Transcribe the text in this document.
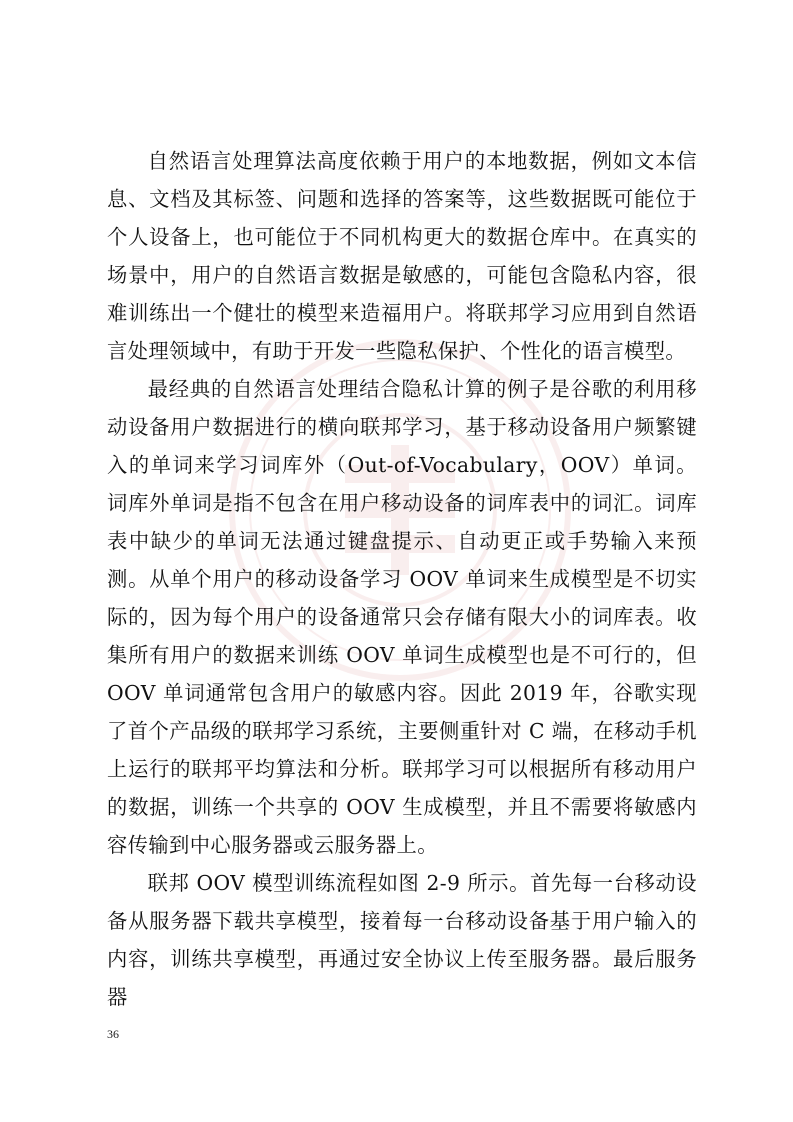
自然语言处理算法高度依赖于用户的本地数据，例如文本信息、文档及其标签、问题和选择的答案等，这些数据既可能位于个人设备上，也可能位于不同机构更大的数据仓库中。在真实的场景中，用户的自然语言数据是敏感的，可能包含隐私内容，很难训练出一个健壮的模型来造福用户。将联邦学习应用到自然语言处理领域中，有助于开发一些隐私保护、个性化的语言模型。

最经典的自然语言处理结合隐私计算的例子是谷歌的利用移动设备用户数据进行的横向联邦学习，基于移动设备用户频繁键入的单词来学习词库外（Out-of-Vocabulary，OOV）单词。词库外单词是指不包含在用户移动设备的词库表中的词汇。词库表中缺少的单词无法通过键盘提示、自动更正或手势输入来预测。从单个用户的移动设备学习 OOV 单词来生成模型是不切实际的，因为每个用户的设备通常只会存储有限大小的词库表。收集所有用户的数据来训练 OOV 单词生成模型也是不可行的，但 OOV 单词通常包含用户的敏感内容。因此 2019 年，谷歌实现了首个产品级的联邦学习系统，主要侧重针对 C 端，在移动手机上运行的联邦平均算法和分析。联邦学习可以根据所有移动用户的数据，训练一个共享的 OOV 生成模型，并且不需要将敏感内容传输到中心服务器或云服务器上。

联邦 OOV 模型训练流程如图 2-9 所示。首先每一台移动设备从服务器下载共享模型，接着每一台移动设备基于用户输入的内容，训练共享模型，再通过安全协议上传至服务器。最后服务器

36
